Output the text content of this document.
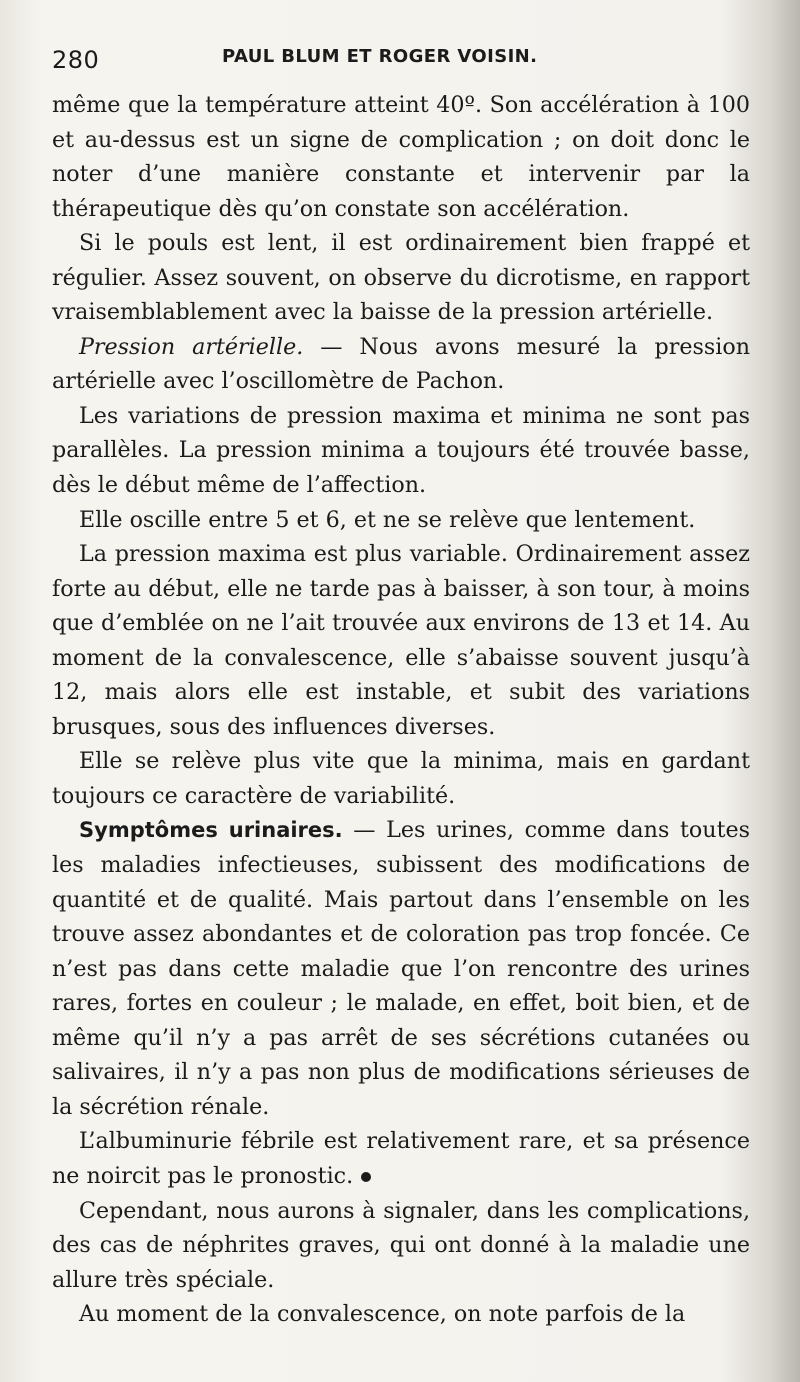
280	PAUL BLUM ET ROGER VOISIN.

même que la température atteint 40º. Son accélération à 100 et au-dessus est un signe de complication ; on doit donc le noter d’une manière constante et intervenir par la thérapeutique dès qu’on constate son accélération.

Si le pouls est lent, il est ordinairement bien frappé et régulier. Assez souvent, on observe du dicrotisme, en rapport vraisemblablement avec la baisse de la pression artérielle.

Pression artérielle. — Nous avons mesuré la pression artérielle avec l’oscillomètre de Pachon.

Les variations de pression maxima et minima ne sont pas parallèles. La pression minima a toujours été trouvée basse, dès le début même de l’affection.

Elle oscille entre 5 et 6, et ne se relève que lentement.

La pression maxima est plus variable. Ordinairement assez forte au début, elle ne tarde pas à baisser, à son tour, à moins que d’emblée on ne l’ait trouvée aux environs de 13 et 14. Au moment de la convalescence, elle s’abaisse souvent jusqu’à 12, mais alors elle est instable, et subit des variations brusques, sous des influences diverses.

Elle se relève plus vite que la minima, mais en gardant toujours ce caractère de variabilité.

Symptômes urinaires. — Les urines, comme dans toutes les maladies infectieuses, subissent des modifications de quantité et de qualité. Mais partout dans l’ensemble on les trouve assez abondantes et de coloration pas trop foncée. Ce n’est pas dans cette maladie que l’on rencontre des urines rares, fortes en couleur ; le malade, en effet, boit bien, et de même qu’il n’y a pas arrêt de ses sécrétions cutanées ou salivaires, il n’y a pas non plus de modifications sérieuses de la sécrétion rénale.

L’albuminurie fébrile est relativement rare, et sa présence ne noircit pas le pronostic.

Cependant, nous aurons à signaler, dans les complications, des cas de néphrites graves, qui ont donné à la maladie une allure très spéciale.

Au moment de la convalescence, on note parfois de la
